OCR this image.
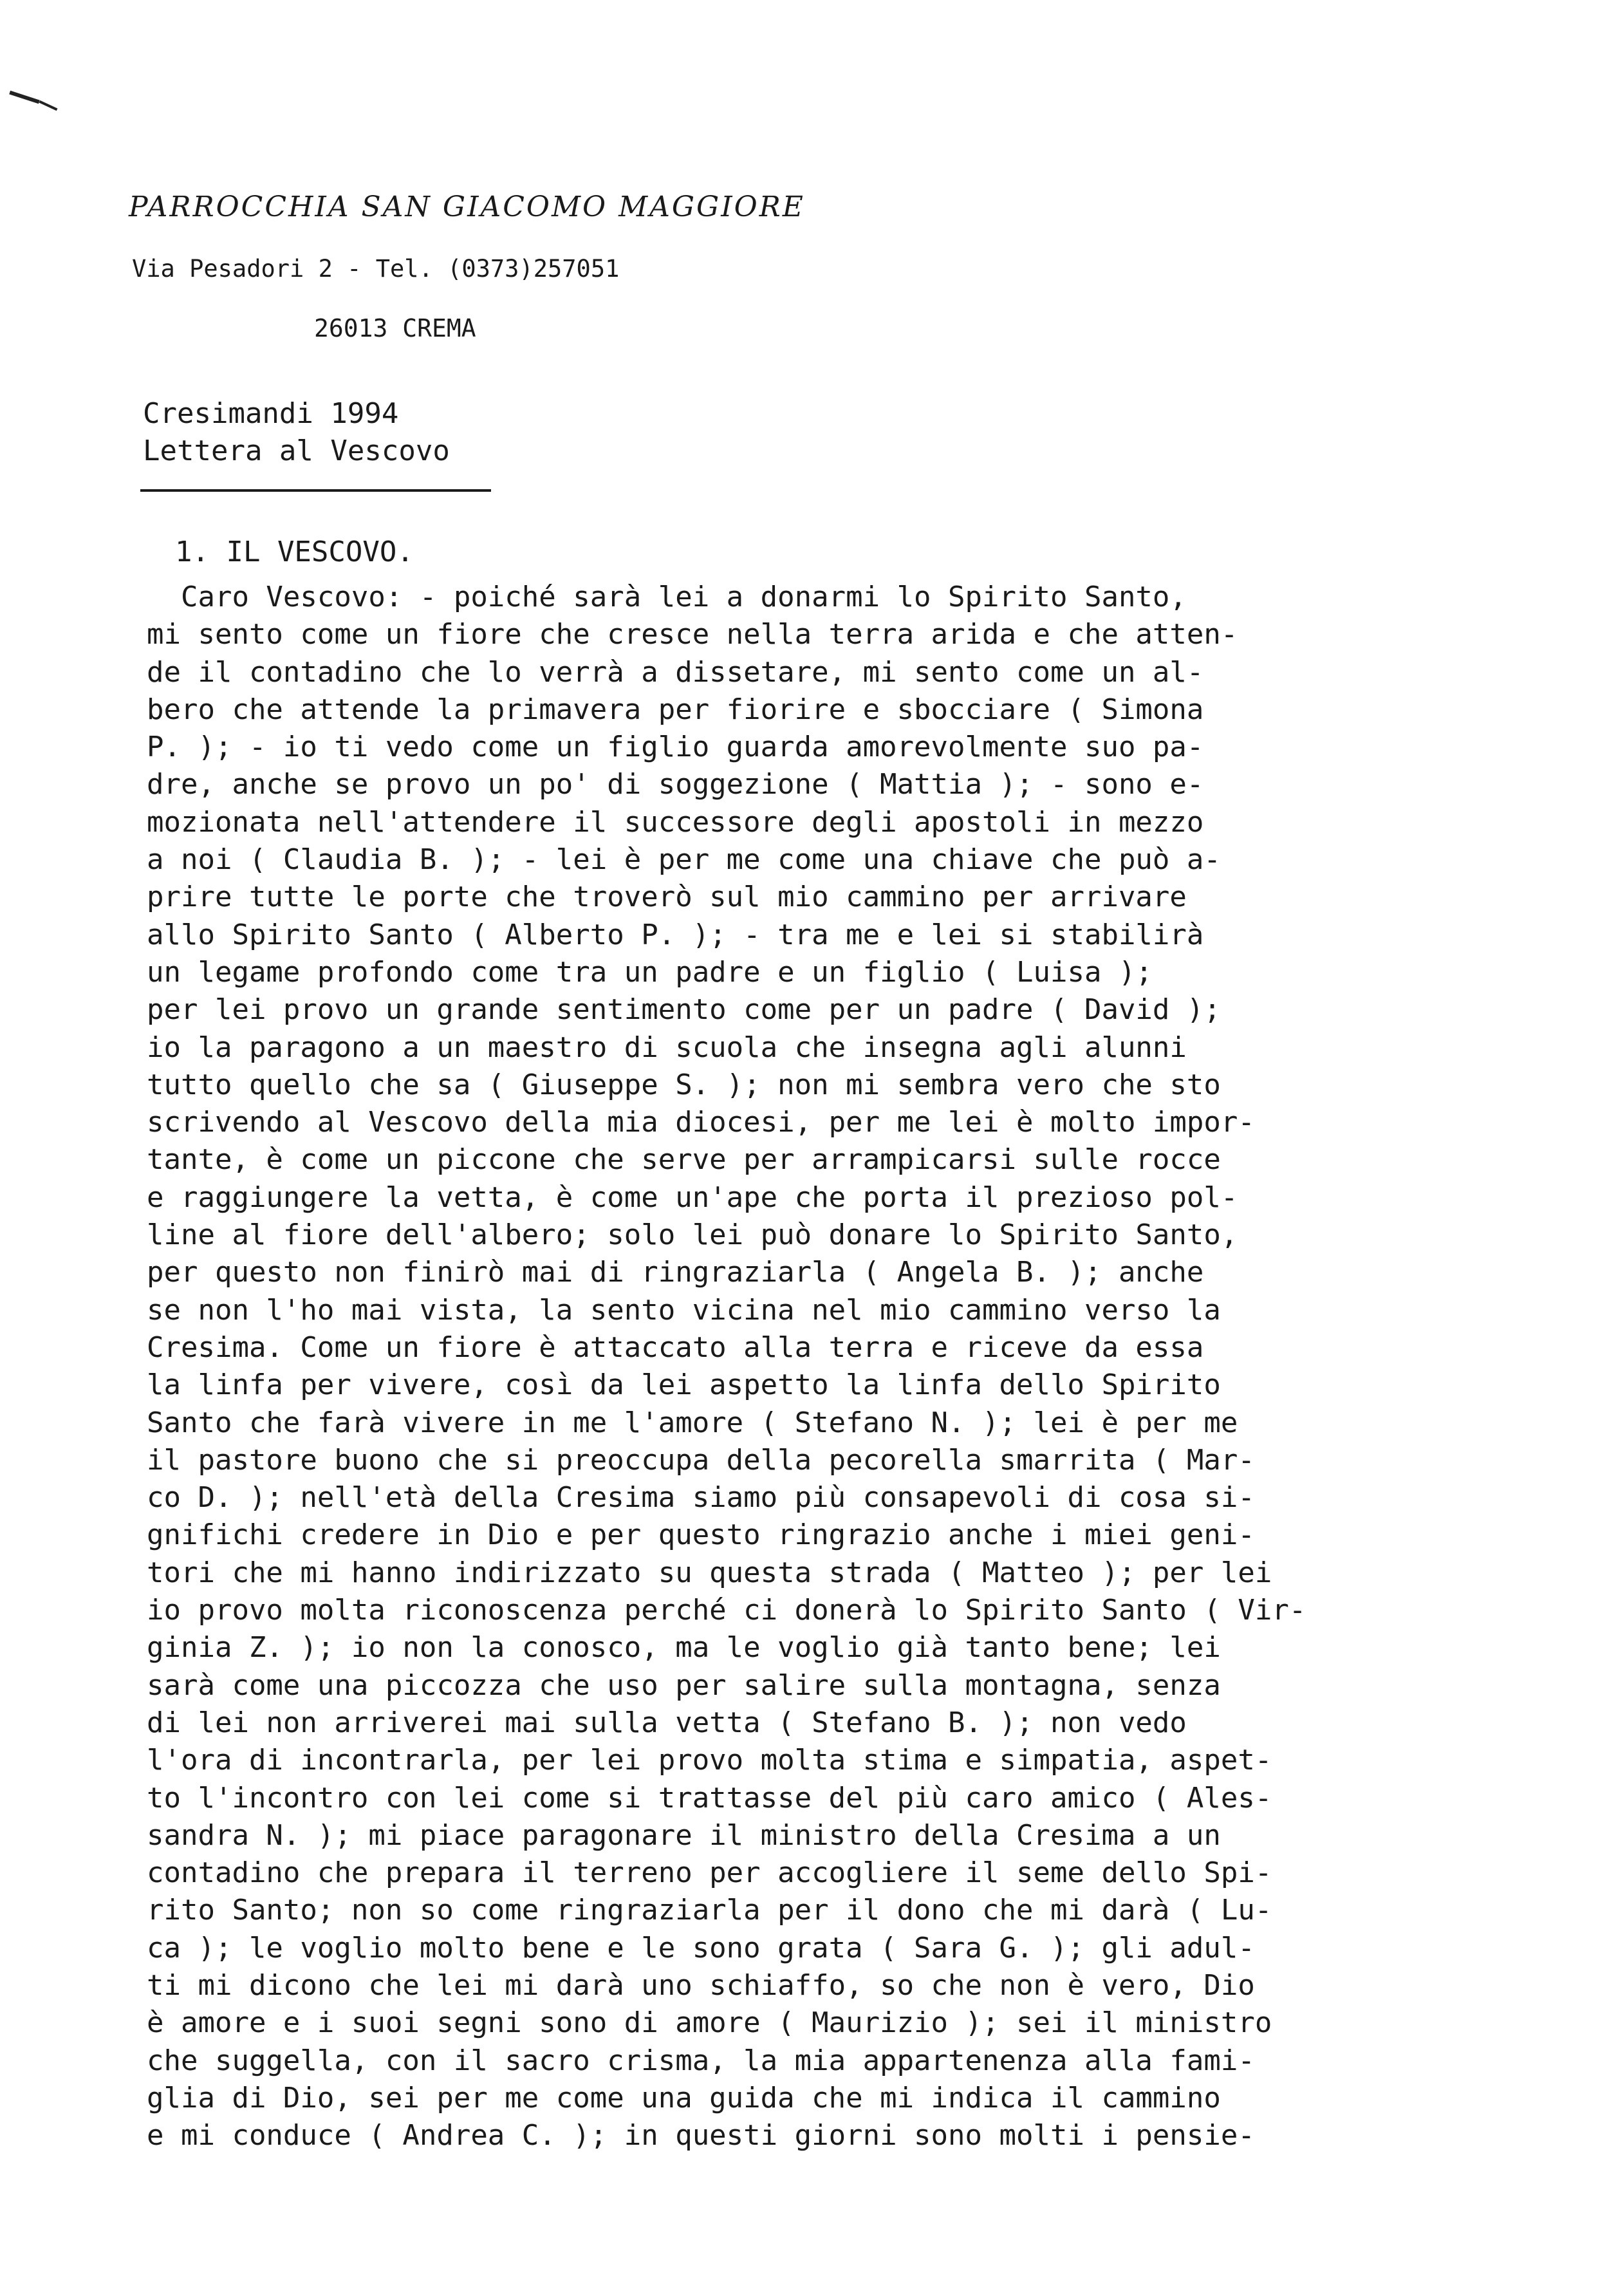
PARROCCHIA SAN GIACOMO MAGGIORE
Via Pesadori 2 - Tel. (0373)257051
26013 CREMA
Cresimandi 1994
Lettera al Vescovo
1. IL VESCOVO.
Caro Vescovo: - poiché sarà lei a donarmi lo Spirito Santo,
mi sento come un fiore che cresce nella terra arida e che atten-
de il contadino che lo verrà a dissetare, mi sento come un al-
bero che attende la primavera per fiorire e sbocciare ( Simona
P. ); - io ti vedo come un figlio guarda amorevolmente suo pa-
dre, anche se provo un po' di soggezione ( Mattia ); - sono e-
mozionata nell'attendere il successore degli apostoli in mezzo
a noi ( Claudia B. ); - lei è per me come una chiave che può a-
prire tutte le porte che troverò sul mio cammino per arrivare
allo Spirito Santo ( Alberto P. ); - tra me e lei si stabilirà
un legame profondo come tra un padre e un figlio ( Luisa );
per lei provo un grande sentimento come per un padre ( David );
io la paragono a un maestro di scuola che insegna agli alunni
tutto quello che sa ( Giuseppe S. ); non mi sembra vero che sto
scrivendo al Vescovo della mia diocesi, per me lei è molto impor-
tante, è come un piccone che serve per arrampicarsi sulle rocce
e raggiungere la vetta, è come un'ape che porta il prezioso pol-
line al fiore dell'albero; solo lei può donare lo Spirito Santo,
per questo non finirò mai di ringraziarla ( Angela B. ); anche
se non l'ho mai vista, la sento vicina nel mio cammino verso la
Cresima. Come un fiore è attaccato alla terra e riceve da essa
la linfa per vivere, così da lei aspetto la linfa dello Spirito
Santo che farà vivere in me l'amore ( Stefano N. ); lei è per me
il pastore buono che si preoccupa della pecorella smarrita ( Mar-
co D. ); nell'età della Cresima siamo più consapevoli di cosa si-
gnifichi credere in Dio e per questo ringrazio anche i miei geni-
tori che mi hanno indirizzato su questa strada ( Matteo ); per lei
io provo molta riconoscenza perché ci donerà lo Spirito Santo ( Vir-
ginia Z. ); io non la conosco, ma le voglio già tanto bene; lei
sarà come una piccozza che uso per salire sulla montagna, senza
di lei non arriverei mai sulla vetta ( Stefano B. ); non vedo
l'ora di incontrarla, per lei provo molta stima e simpatia, aspet-
to l'incontro con lei come si trattasse del più caro amico ( Ales-
sandra N. ); mi piace paragonare il ministro della Cresima a un
contadino che prepara il terreno per accogliere il seme dello Spi-
rito Santo; non so come ringraziarla per il dono che mi darà ( Lu-
ca ); le voglio molto bene e le sono grata ( Sara G. ); gli adul-
ti mi dicono che lei mi darà uno schiaffo, so che non è vero, Dio
è amore e i suoi segni sono di amore ( Maurizio ); sei il ministro
che suggella, con il sacro crisma, la mia appartenenza alla fami-
glia di Dio, sei per me come una guida che mi indica il cammino
e mi conduce ( Andrea C. ); in questi giorni sono molti i pensie-
